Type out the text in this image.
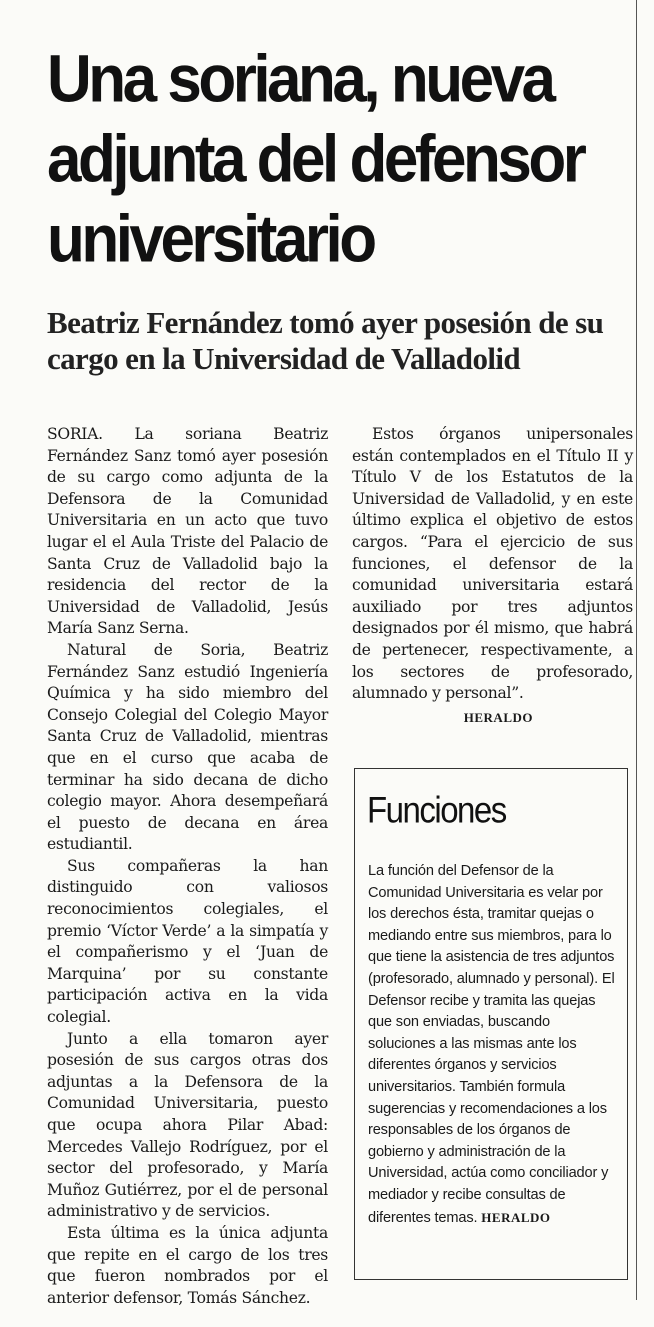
Una soriana, nueva adjunta del defensor universitario
Beatriz Fernández tomó ayer posesión de su cargo en la Universidad de Valladolid

SORIA. La soriana Beatriz Fernández Sanz tomó ayer posesión de su cargo como adjunta de la Defensora de la Comunidad Universitaria en un acto que tuvo lugar el el Aula Triste del Palacio de Santa Cruz de Valladolid bajo la residencia del rector de la Universidad de Valladolid, Jesús María Sanz Serna.

Natural de Soria, Beatriz Fernández Sanz estudió Ingeniería Química y ha sido miembro del Consejo Colegial del Colegio Mayor Santa Cruz de Valladolid, mientras que en el curso que acaba de terminar ha sido decana de dicho colegio mayor. Ahora desempeñará el puesto de decana en área estudiantil.

Sus compañeras la han distinguido con valiosos reconocimientos colegiales, el premio ‘Víctor Verde’ a la simpatía y el compañerismo y el ‘Juan de Marquina’ por su constante participación activa en la vida colegial.

Junto a ella tomaron ayer posesión de sus cargos otras dos adjuntas a la Defensora de la Comunidad Universitaria, puesto que ocupa ahora Pilar Abad: Mercedes Vallejo Rodríguez, por el sector del profesorado, y María Muñoz Gutiérrez, por el de personal administrativo y de servicios.

Esta última es la única adjunta que repite en el cargo de los tres que fueron nombrados por el anterior defensor, Tomás Sánchez.

Estos órganos unipersonales están contemplados en el Título II y Título V de los Estatutos de la Universidad de Valladolid, y en este último explica el objetivo de estos cargos. “Para el ejercicio de sus funciones, el defensor de la comunidad universitaria estará auxiliado por tres adjuntos designados por él mismo, que habrá de pertenecer, respectivamente, a los sectores de profesorado, alumnado y personal”.

HERALDO
Funciones

La función del Defensor de la Comunidad Universitaria es velar por los derechos ésta, tramitar quejas o mediando entre sus miembros, para lo que tiene la asistencia de tres adjuntos (profesorado, alumnado y personal). El Defensor recibe y tramita las quejas que son enviadas, buscando soluciones a las mismas ante los diferentes órganos y servicios universitarios. También formula sugerencias y recomendaciones a los responsables de los órganos de gobierno y administración de la Universidad, actúa como conciliador y mediador y recibe consultas de diferentes temas. HERALDO
